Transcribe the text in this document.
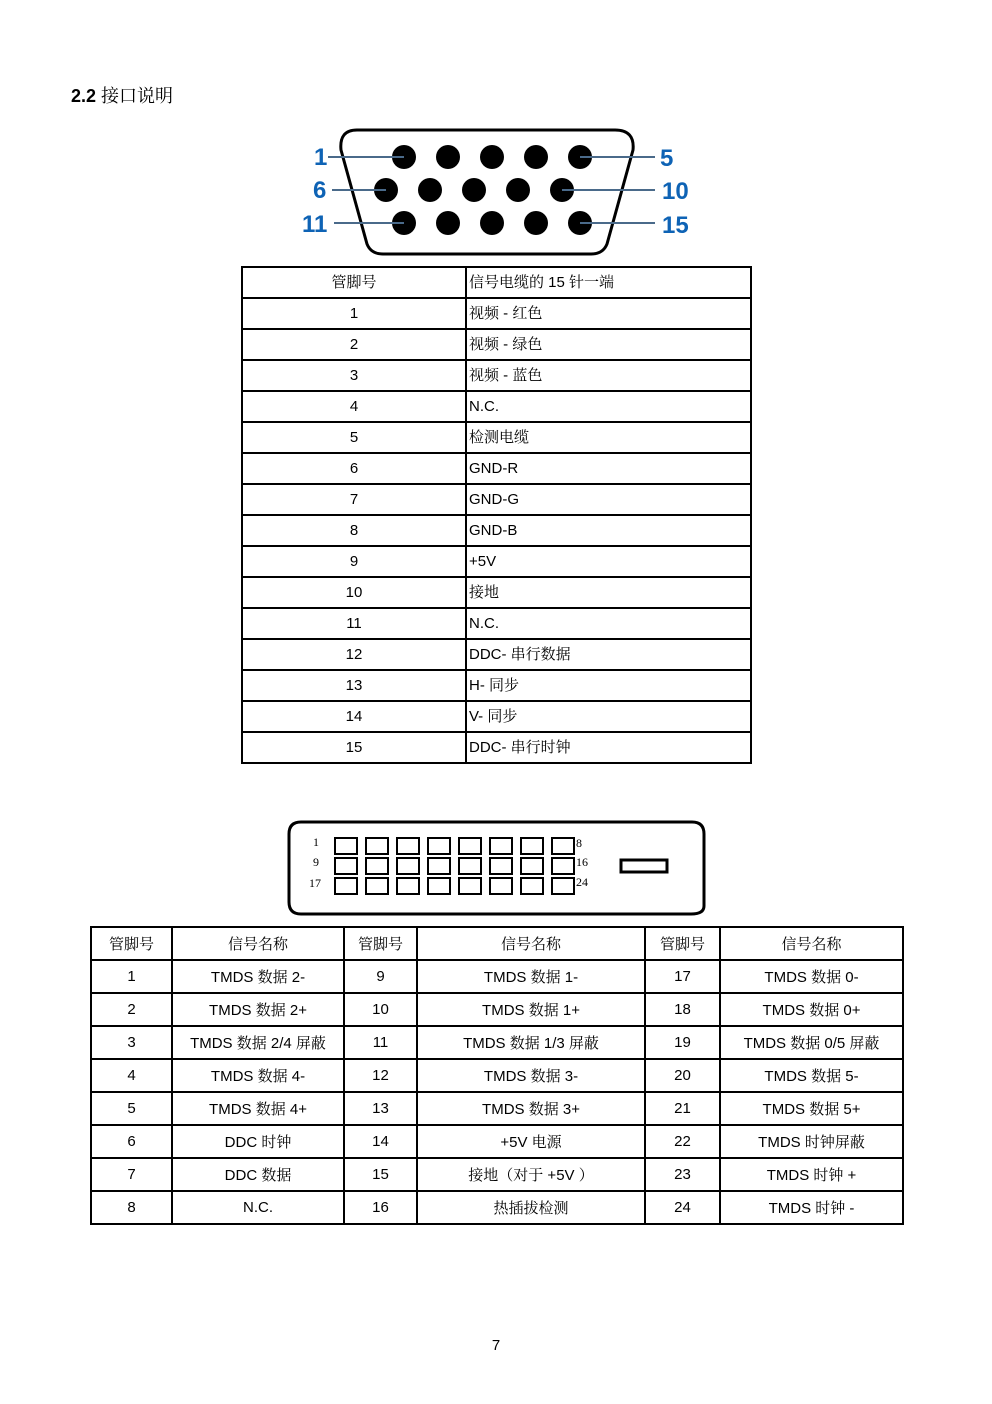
2.2 接口说明
1
6
11
5
10
15
管脚号	信号电缆的 15 针一端
1	视频 - 红色
2	视频 - 绿色
3	视频 - 蓝色
4	N.C.
5	检测电缆
6	GND-R
7	GND-G
8	GND-B
9	+5V
10	接地
11	N.C.
12	DDC- 串行数据
13	H- 同步
14	V- 同步
15	DDC- 串行时钟
1
9
17
8
16
24
管脚号	信号名称	管脚号	信号名称	管脚号	信号名称
1	TMDS 数据 2-	9	TMDS 数据 1-	17	TMDS 数据 0-
2	TMDS 数据 2+	10	TMDS 数据 1+	18	TMDS 数据 0+
3	TMDS 数据 2/4 屏蔽	11	TMDS 数据 1/3 屏蔽	19	TMDS 数据 0/5 屏蔽
4	TMDS 数据 4-	12	TMDS 数据 3-	20	TMDS 数据 5-
5	TMDS 数据 4+	13	TMDS 数据 3+	21	TMDS 数据 5+
6	DDC 时钟	14	+5V 电源	22	TMDS 时钟屏蔽
7	DDC 数据	15	接地（对于 +5V ）	23	TMDS 时钟 +
8	N.C.	16	热插拔检测	24	TMDS 时钟 -
7
